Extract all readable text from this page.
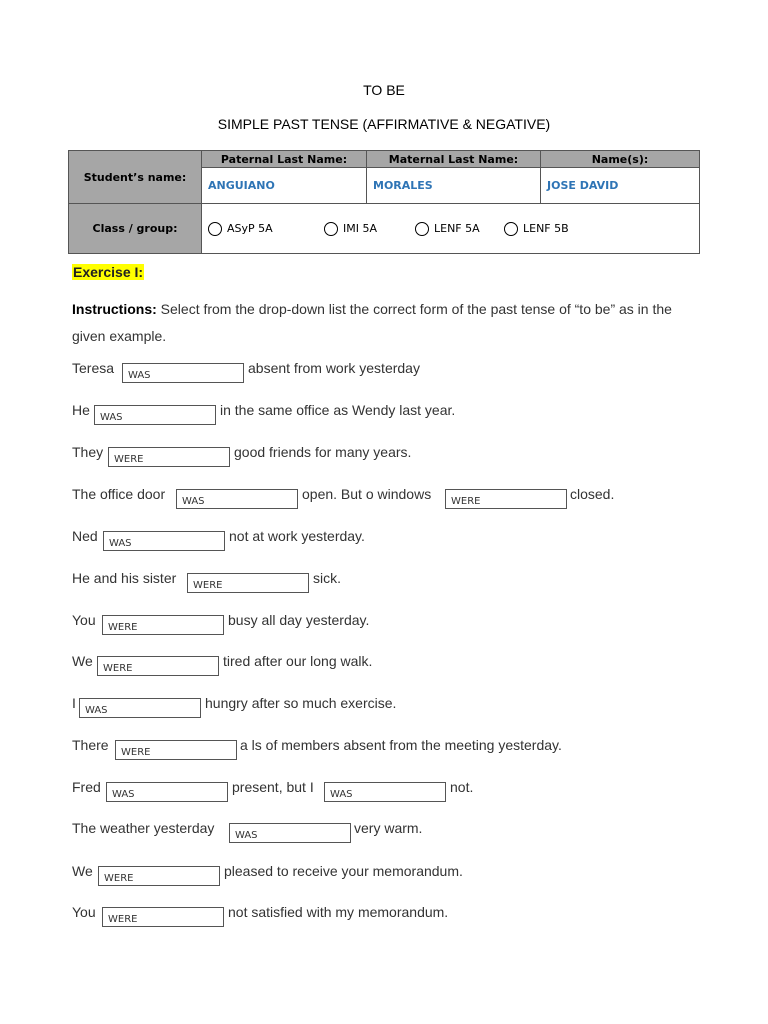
TO BE
SIMPLE PAST TENSE (AFFIRMATIVE & NEGATIVE)
Student’s name:	Paternal Last Name:	Maternal Last Name:	Name(s):
	ANGUIANO	MORALES	JOSE DAVID
Class / group:	ASyP 5A IMI 5A LENF 5A LENF 5B		
Exercise I:
Instructions: Select from the drop-down list the correct form of the past tense of “to be” as in the given example.
Teresa	WAS	absent from work yesterday
He	WAS	in the same office as Wendy last year.
They	WERE	good friends for many years.
The office door	WAS	open. But o windows	WERE	closed.
Ned	WAS	not at work yesterday.
He and his sister	WERE	sick.
You	WERE	busy all day yesterday.
We	WERE	tired after our long walk.
I WAS	hungry after so much exercise.
There	WERE	a ls of members absent from the meeting yesterday.
Fred	WAS	present, but I	WAS	not.
The weather yesterday	WAS	very warm.
We	WERE	pleased to receive your memorandum.
You	WERE	not satisfied with my memorandum.
